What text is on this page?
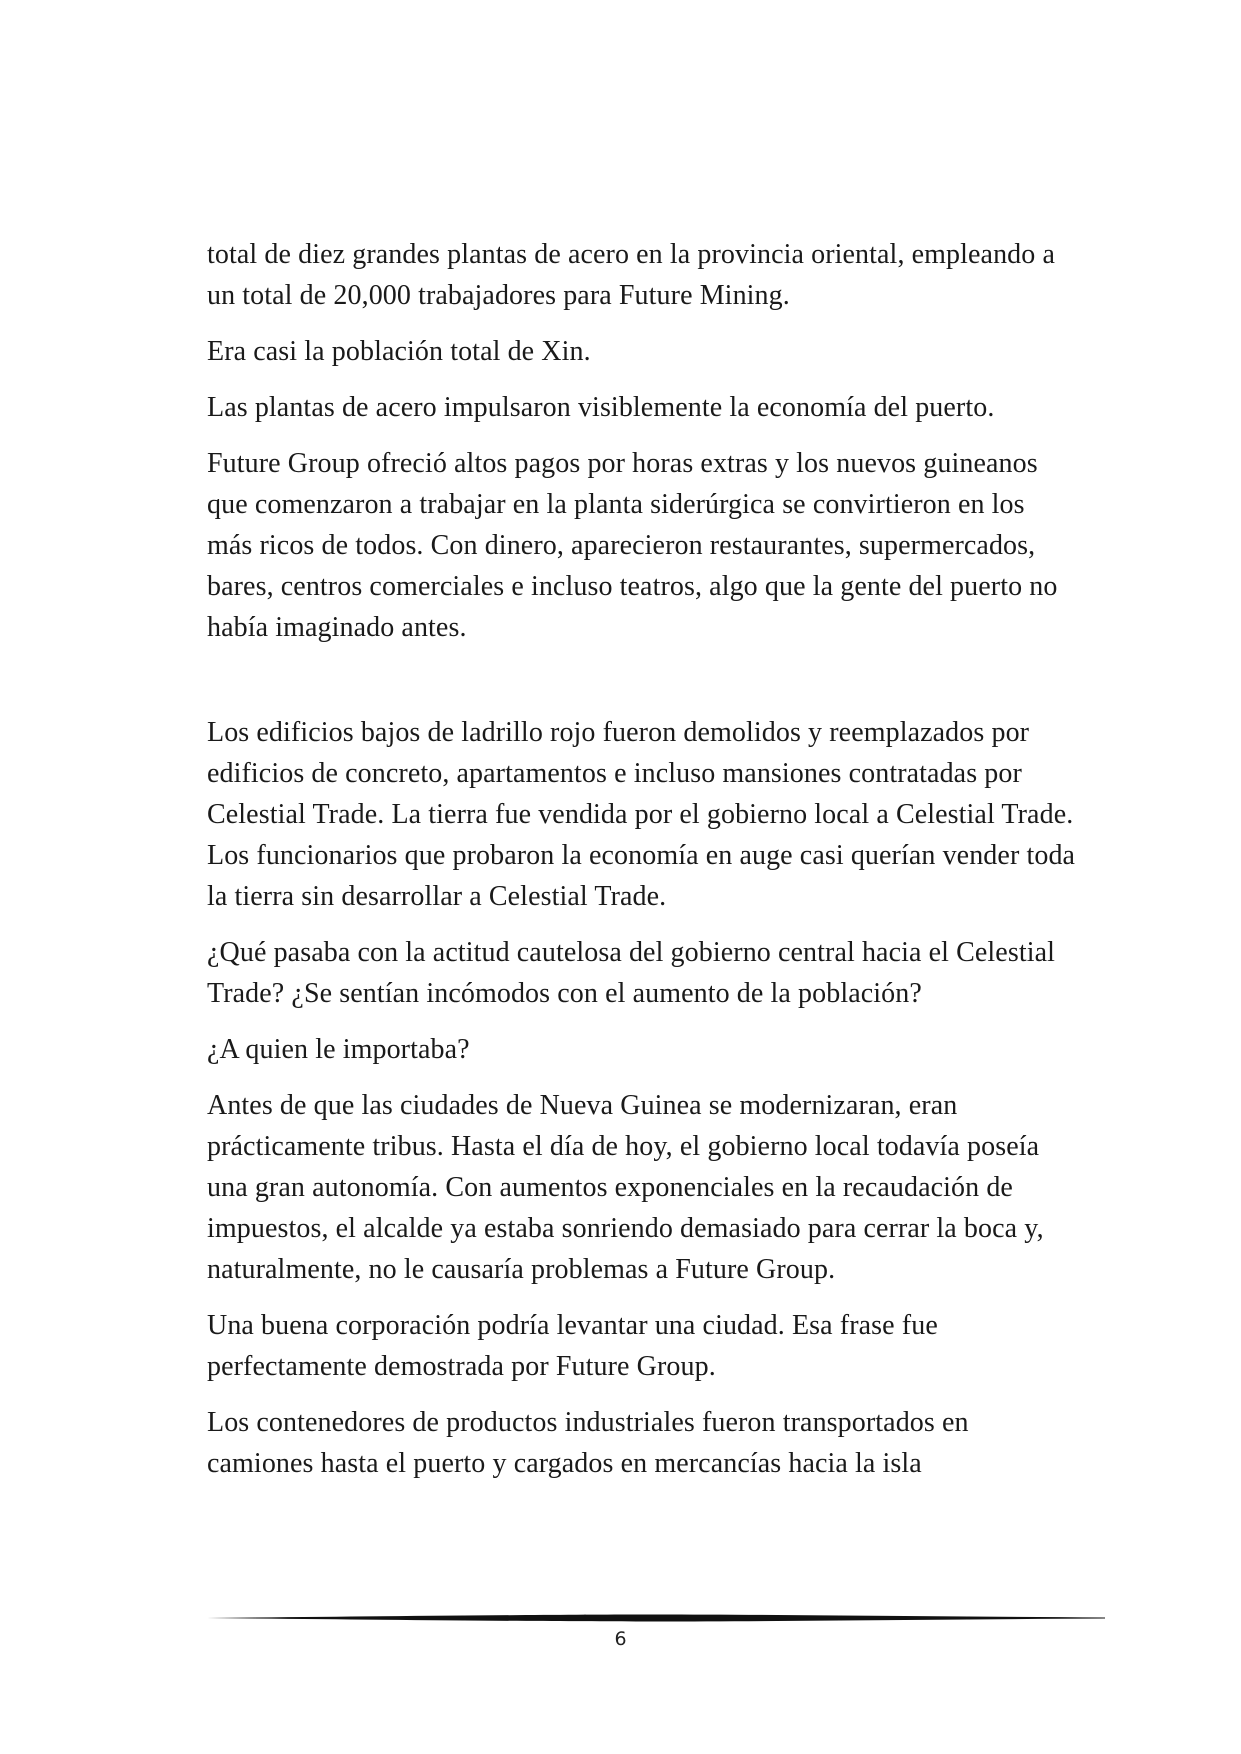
total de diez grandes plantas de acero en la provincia oriental, empleando a un total de 20,000 trabajadores para Future Mining.

Era casi la población total de Xin.

Las plantas de acero impulsaron visiblemente la economía del puerto.

Future Group ofreció altos pagos por horas extras y los nuevos guineanos que comenzaron a trabajar en la planta siderúrgica se convirtieron en los más ricos de todos. Con dinero, aparecieron restaurantes, supermercados, bares, centros comerciales e incluso teatros, algo que la gente del puerto no había imaginado antes.

Los edificios bajos de ladrillo rojo fueron demolidos y reemplazados por edificios de concreto, apartamentos e incluso mansiones contratadas por Celestial Trade. La tierra fue vendida por el gobierno local a Celestial Trade. Los funcionarios que probaron la economía en auge casi querían vender toda la tierra sin desarrollar a Celestial Trade.

¿Qué pasaba con la actitud cautelosa del gobierno central hacia el Celestial Trade? ¿Se sentían incómodos con el aumento de la población?

¿A quien le importaba?

Antes de que las ciudades de Nueva Guinea se modernizaran, eran prácticamente tribus. Hasta el día de hoy, el gobierno local todavía poseía una gran autonomía. Con aumentos exponenciales en la recaudación de impuestos, el alcalde ya estaba sonriendo demasiado para cerrar la boca y, naturalmente, no le causaría problemas a Future Group.

Una buena corporación podría levantar una ciudad. Esa frase fue perfectamente demostrada por Future Group.

Los contenedores de productos industriales fueron transportados en camiones hasta el puerto y cargados en mercancías hacia la isla

6
